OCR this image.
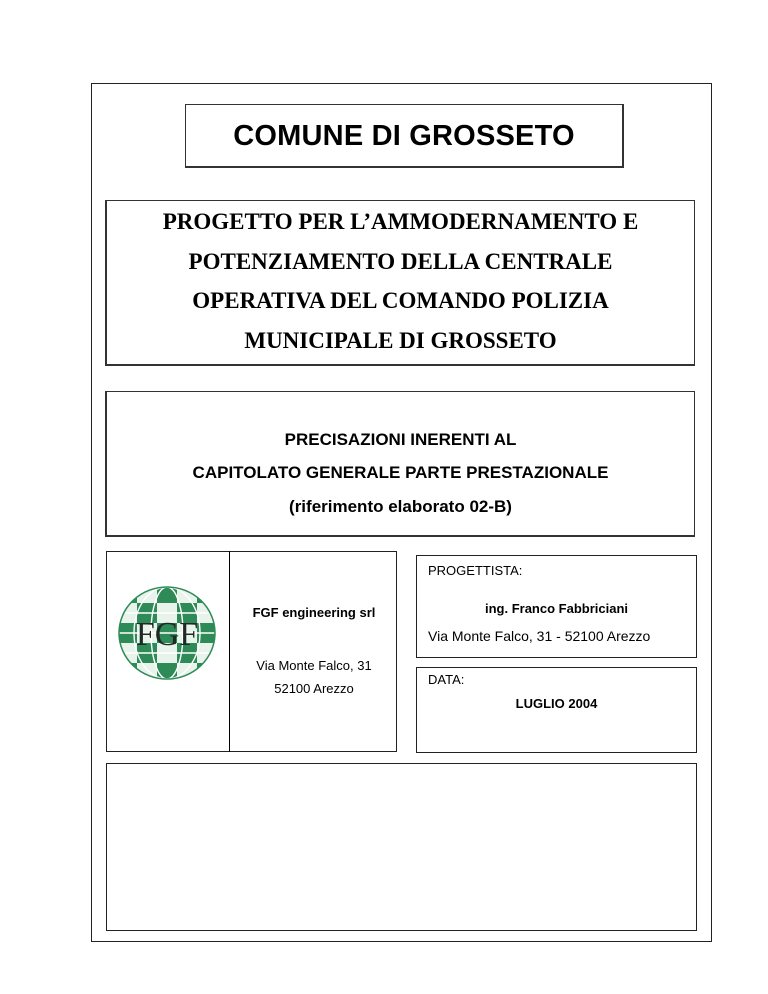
COMUNE DI GROSSETO
PROGETTO PER L’AMMODERNAMENTO E
POTENZIAMENTO DELLA CENTRALE
OPERATIVA DEL COMANDO POLIZIA
MUNICIPALE DI GROSSETO
PRECISAZIONI INERENTI AL
CAPITOLATO GENERALE PARTE PRESTAZIONALE
(riferimento elaborato 02-B)
FGF
FGF engineering srl
Via Monte Falco, 31
52100 Arezzo
PROGETTISTA:
ing. Franco Fabbriciani
Via Monte Falco, 31 - 52100 Arezzo
DATA:
LUGLIO 2004
